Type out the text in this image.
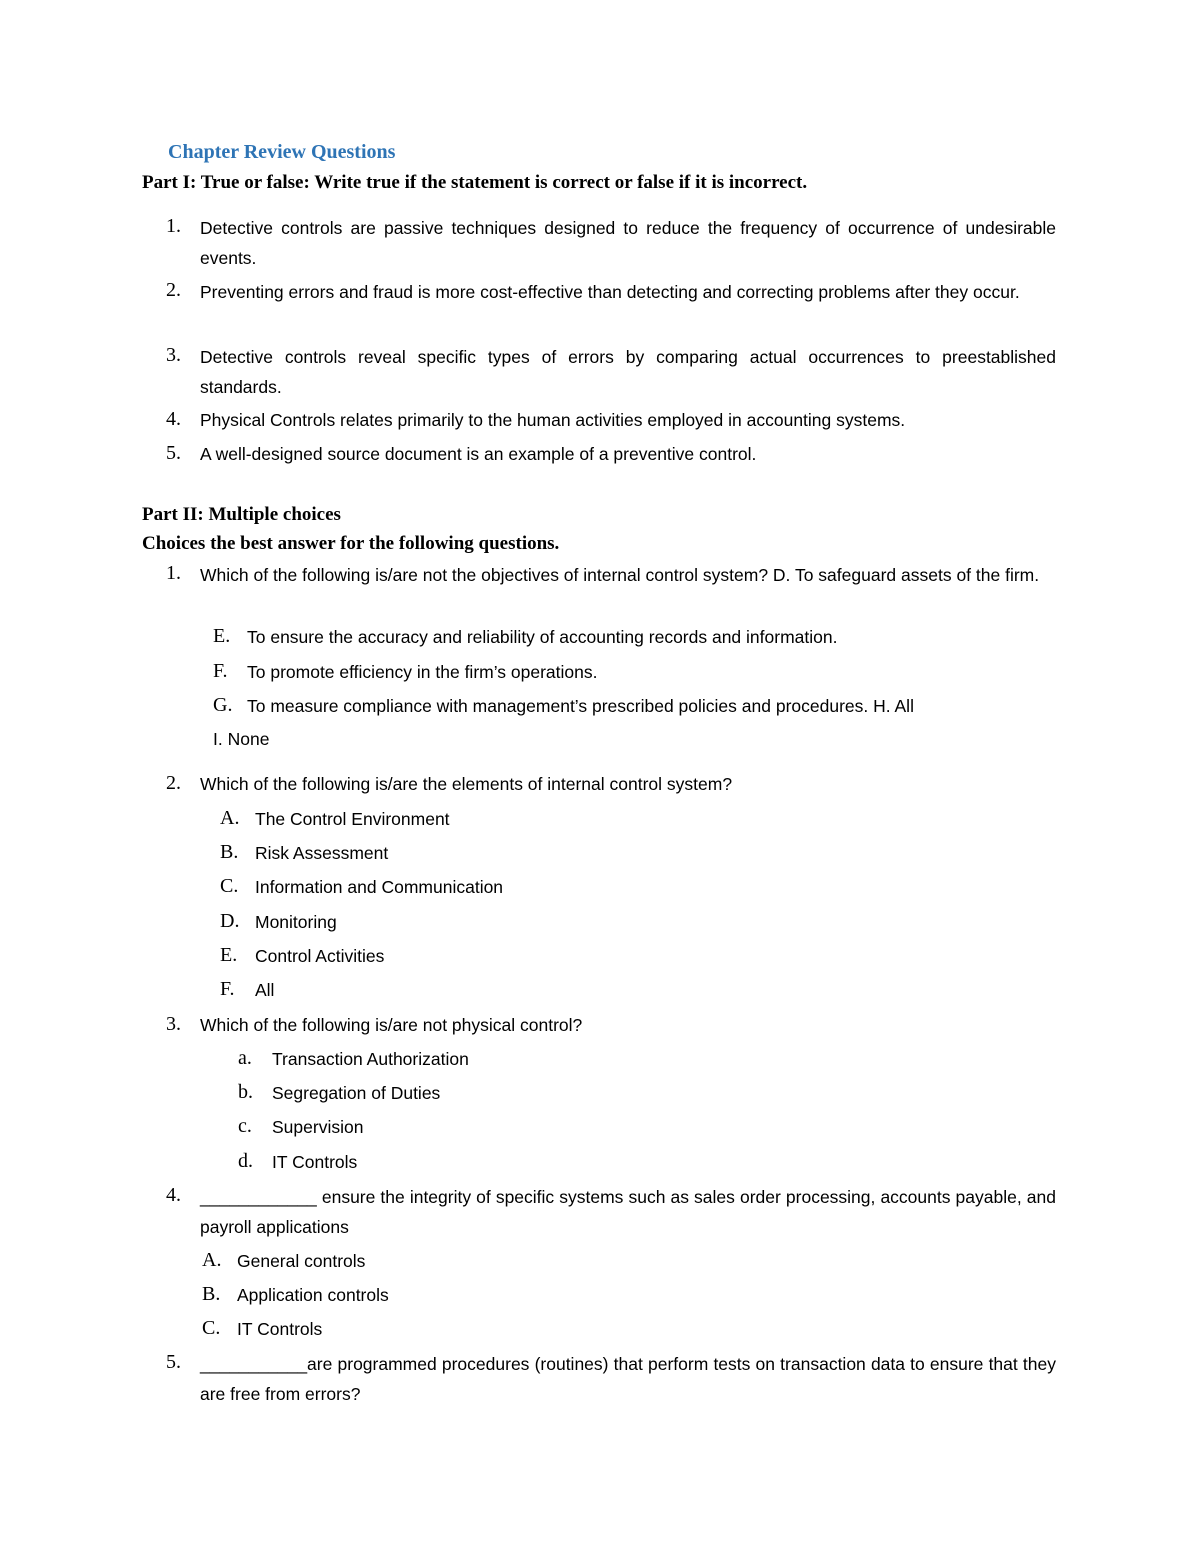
Chapter Review Questions

Part I: True or false: Write true if the statement is correct or false if it is incorrect.

1. Detective controls are passive techniques designed to reduce the frequency of occurrence of undesirable events.

2. Preventing errors and fraud is more cost-effective than detecting and correcting problems after they occur.

3. Detective controls reveal specific types of errors by comparing actual occurrences to preestablished standards.

4. Physical Controls relates primarily to the human activities employed in accounting systems.

5. A well-designed source document is an example of a preventive control.

Part II: Multiple choices

Choices the best answer for the following questions.

1. Which of the following is/are not the objectives of internal control system? D. To safeguard assets of the firm.

E. To ensure the accuracy and reliability of accounting records and information.

F. To promote efficiency in the firm’s operations.

G. To measure compliance with management’s prescribed policies and procedures. H. All

I. None

2. Which of the following is/are the elements of internal control system?

A. The Control Environment

B. Risk Assessment

C. Information and Communication

D. Monitoring

E. Control Activities

F. All

3. Which of the following is/are not physical control?

a. Transaction Authorization

b. Segregation of Duties

c. Supervision

d. IT Controls

4. ____________ ensure the integrity of specific systems such as sales order processing, accounts payable, and payroll applications

A. General controls

B. Application controls

C. IT Controls

5. ___________are programmed procedures (routines) that perform tests on transaction data to ensure that they are free from errors?
